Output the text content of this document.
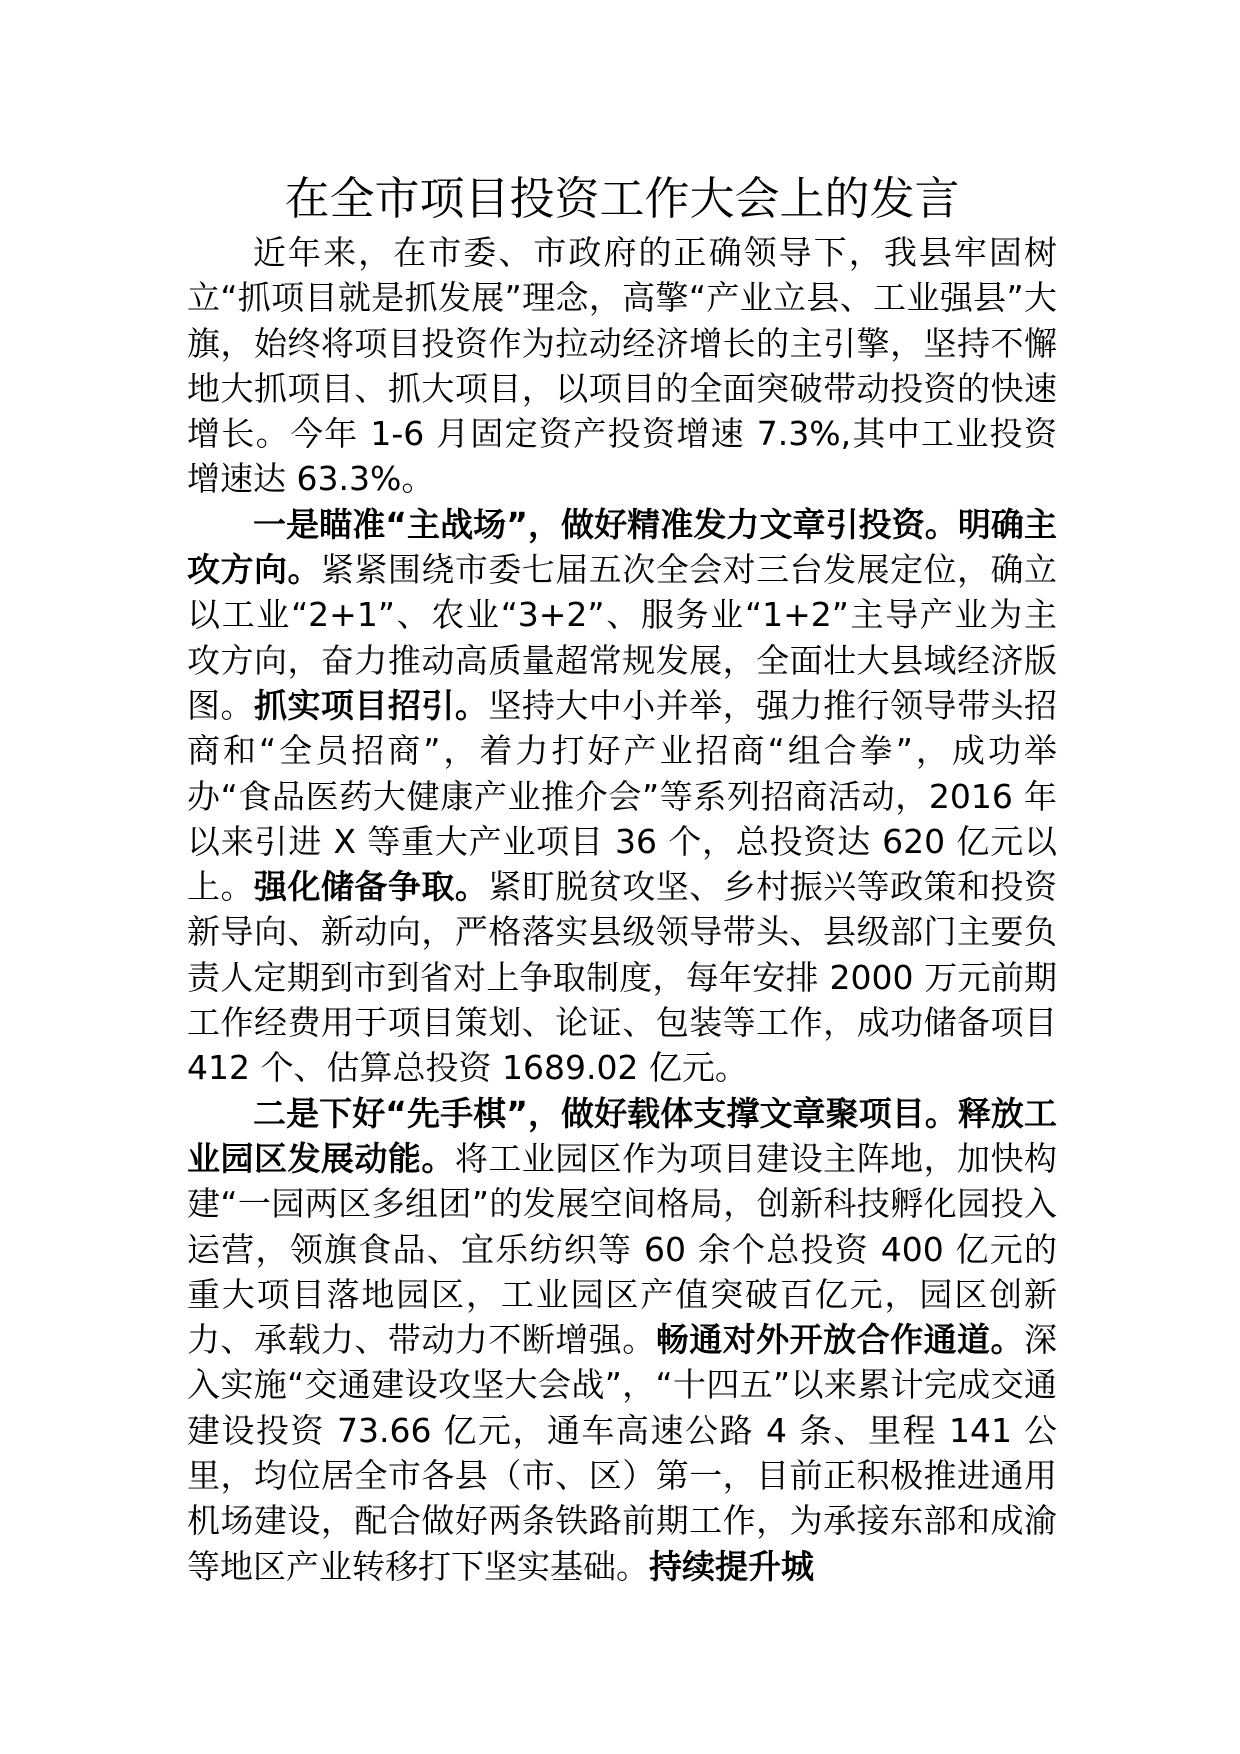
在全市项目投资工作大会上的发言

近年来，在市委、市政府的正确领导下，我县牢固树立“抓项目就是抓发展”理念，高擎“产业立县、工业强县”大旗，始终将项目投资作为拉动经济增长的主引擎，坚持不懈地大抓项目、抓大项目，以项目的全面突破带动投资的快速增长。今年 1-6 月固定资产投资增速 7.3%,其中工业投资增速达 63.3%。

一是瞄准“主战场”，做好精准发力文章引投资。明确主攻方向。紧紧围绕市委七届五次全会对三台发展定位，确立以工业“2+1”、农业“3+2”、服务业“1+2”主导产业为主攻方向，奋力推动高质量超常规发展，全面壮大县域经济版图。抓实项目招引。坚持大中小并举，强力推行领导带头招商和“全员招商”，着力打好产业招商“组合拳”，成功举办“食品医药大健康产业推介会”等系列招商活动，2016 年以来引进 X 等重大产业项目 36 个，总投资达 620 亿元以上。强化储备争取。紧盯脱贫攻坚、乡村振兴等政策和投资新导向、新动向，严格落实县级领导带头、县级部门主要负责人定期到市到省对上争取制度，每年安排 2000 万元前期工作经费用于项目策划、论证、包装等工作，成功储备项目 412 个、估算总投资 1689.02 亿元。

二是下好“先手棋”，做好载体支撑文章聚项目。释放工业园区发展动能。将工业园区作为项目建设主阵地，加快构建“一园两区多组团”的发展空间格局，创新科技孵化园投入运营，领旗食品、宜乐纺织等 60 余个总投资 400 亿元的重大项目落地园区，工业园区产值突破百亿元，园区创新力、承载力、带动力不断增强。畅通对外开放合作通道。深入实施“交通建设攻坚大会战”，“十四五”以来累计完成交通建设投资 73.66 亿元，通车高速公路 4 条、里程 141 公里，均位居全市各县（市、区）第一，目前正积极推进通用机场建设，配合做好两条铁路前期工作，为承接东部和成渝等地区产业转移打下坚实基础。持续提升城
